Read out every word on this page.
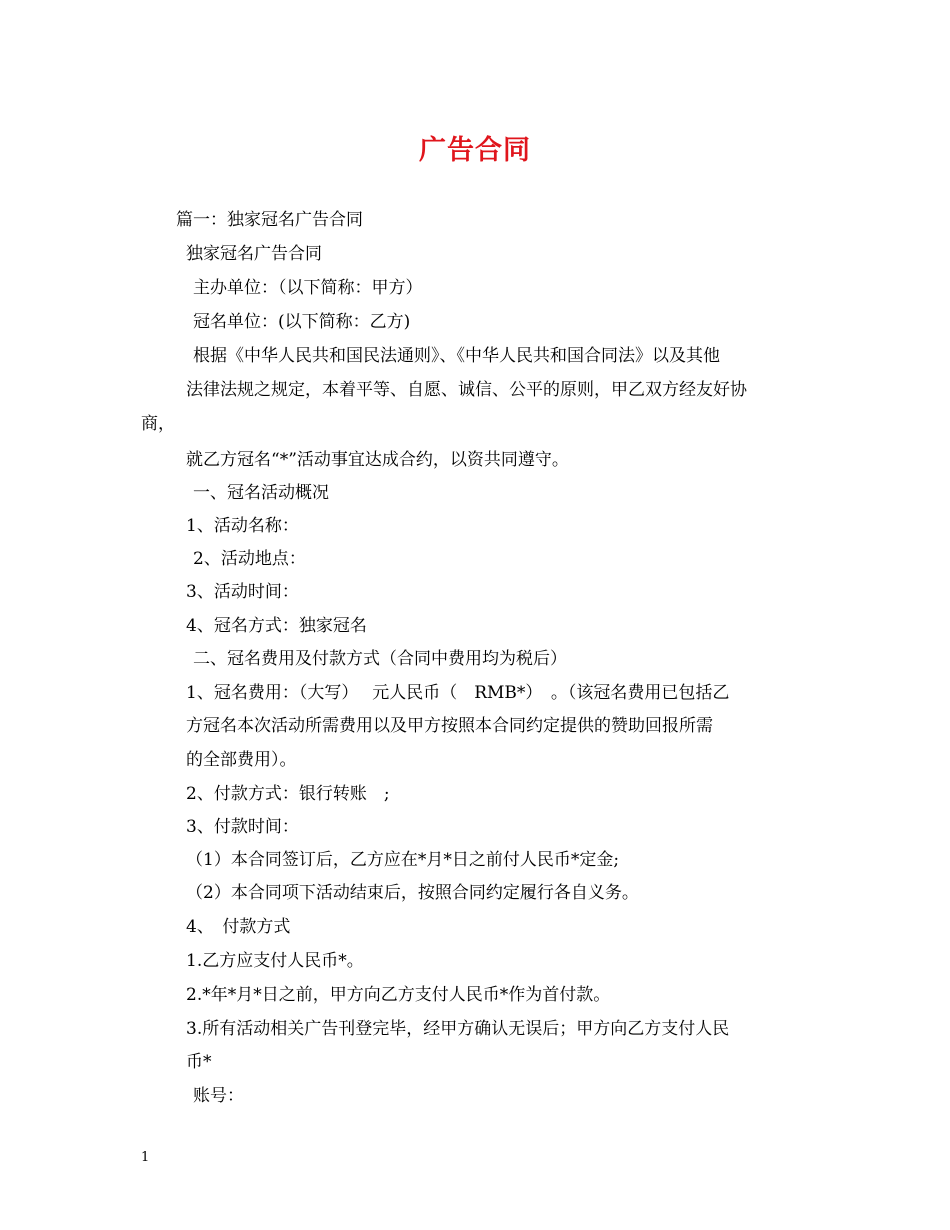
广告合同
篇一：独家冠名广告合同
独家冠名广告合同
主办单位：（以下简称：甲方）
冠名单位：(以下简称：乙方)
根据《中华人民共和国民法通则》、《中华人民共和国合同法》以及其他
法律法规之规定，本着平等、自愿、诚信、公平的原则，甲乙双方经友好协
商，
就乙方冠名“*”活动事宜达成合约，以资共同遵守。
一、冠名活动概况
1、活动名称：
2、活动地点：
3、活动时间：
4、冠名方式：独家冠名
二、冠名费用及付款方式（合同中费用均为税后）
1、冠名费用：（大写）　 元人民币（　RMB*）　。（该冠名费用已包括乙
方冠名本次活动所需费用以及甲方按照本合同约定提供的赞助回报所需
的全部费用）。
2、付款方式：银行转账　;
3、付款时间：
（1）本合同签订后，乙方应在*月*日之前付人民币*定金;
（2）本合同项下活动结束后，按照合同约定履行各自义务。
4、　付款方式
1.乙方应支付人民币*。
2.*年*月*日之前，甲方向乙方支付人民币*作为首付款。
3.所有活动相关广告刊登完毕，经甲方确认无误后；甲方向乙方支付人民
币*
账号：
1
